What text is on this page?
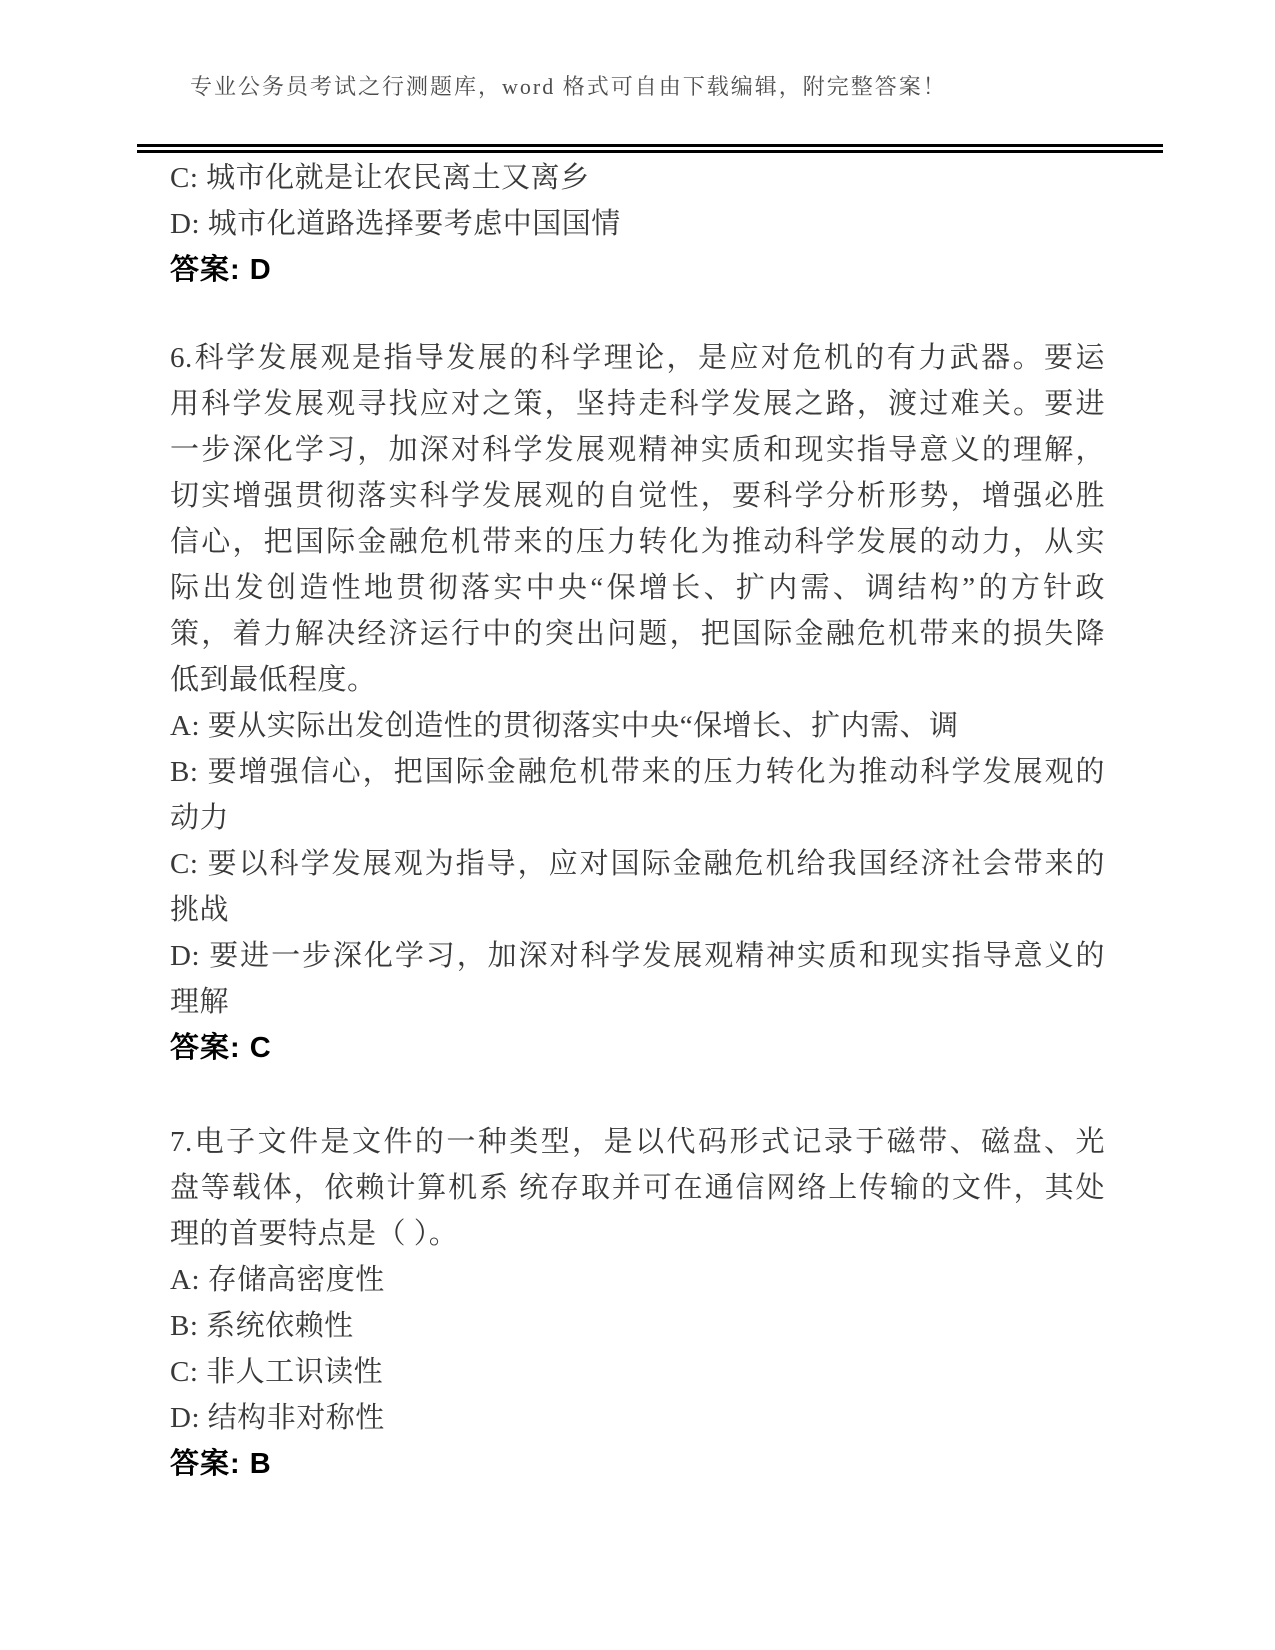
专业公务员考试之行测题库，word 格式可自由下载编辑，附完整答案！
C: 城市化就是让农民离土又离乡
D: 城市化道路选择要考虑中国国情
答案: D
6.科学发展观是指导发展的科学理论，是应对危机的有力武器。要运
用科学发展观寻找应对之策，坚持走科学发展之路，渡过难关。要进
一步深化学习，加深对科学发展观精神实质和现实指导意义的理解，
切实增强贯彻落实科学发展观的自觉性，要科学分析形势，增强必胜
信心，把国际金融危机带来的压力转化为推动科学发展的动力，从实
际出发创造性地贯彻落实中央“保增长、扩内需、调结构”的方针政
策，着力解决经济运行中的突出问题，把国际金融危机带来的损失降
低到最低程度。
A: 要从实际出发创造性的贯彻落实中央“保增长、扩内需、调
B: 要增强信心，把国际金融危机带来的压力转化为推动科学发展观的
动力
C: 要以科学发展观为指导，应对国际金融危机给我国经济社会带来的
挑战
D: 要进一步深化学习，加深对科学发展观精神实质和现实指导意义的
理解
答案: C
7.电子文件是文件的一种类型，是以代码形式记录于磁带、磁盘、光
盘等载体，依赖计算机系 统存取并可在通信网络上传输的文件，其处
理的首要特点是（ ）。
A: 存储高密度性
B: 系统依赖性
C: 非人工识读性
D: 结构非对称性
答案: B
